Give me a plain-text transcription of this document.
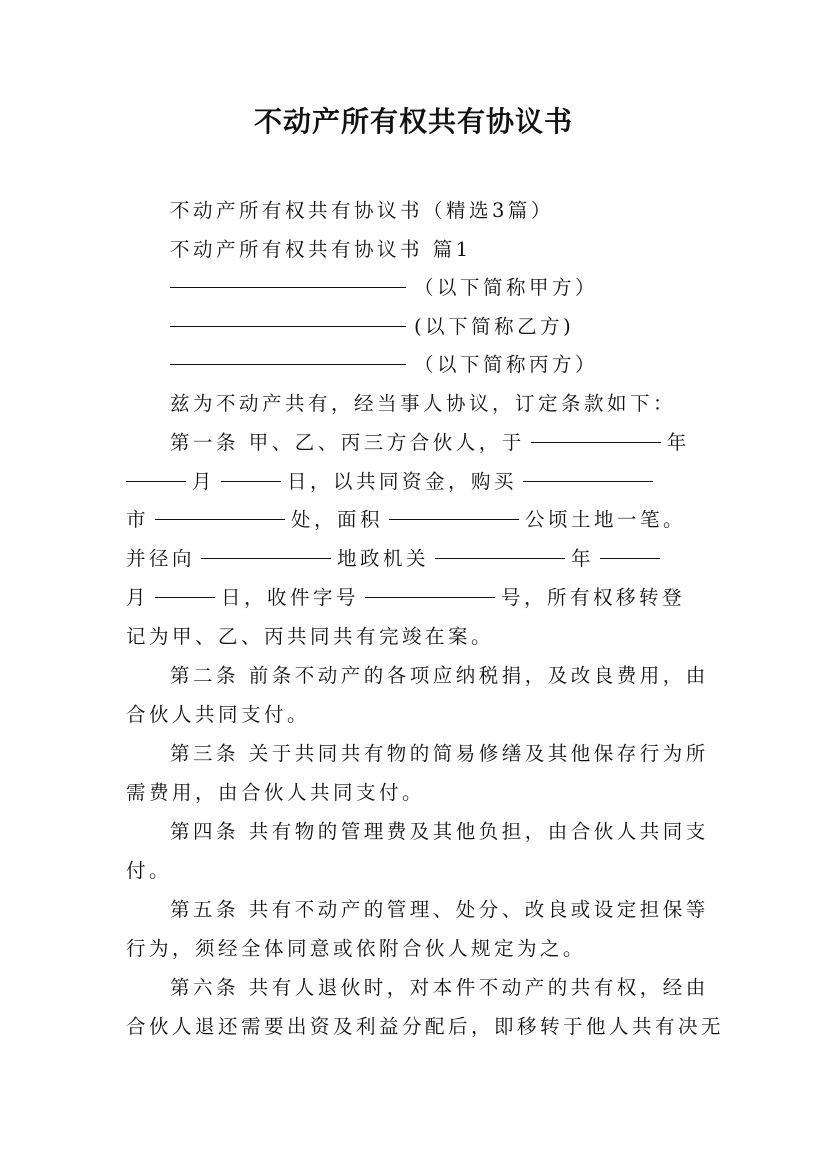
不动产所有权共有协议书
不动产所有权共有协议书（精选3篇）
不动产所有权共有协议书 篇1
（以下简称甲方）
(以下简称乙方)
（以下简称丙方）
兹为不动产共有，经当事人协议，订定条款如下：
第一条 甲、乙、丙三方合伙人，于	年
月	日，以共同资金，购买
市	处，面积	公顷土地一笔。
并径向	地政机关	年
月	日，收件字号	号，所有权移转登
记为甲、乙、丙共同共有完竣在案。
第二条 前条不动产的各项应纳税捐，及改良费用，由
合伙人共同支付。
第三条 关于共同共有物的简易修缮及其他保存行为所
需费用，由合伙人共同支付。
第四条 共有物的管理费及其他负担，由合伙人共同支
付。
第五条 共有不动产的管理、处分、改良或设定担保等
行为，须经全体同意或依附合伙人规定为之。
第六条 共有人退伙时，对本件不动产的共有权，经由
合伙人退还需要出资及利益分配后，即移转于他人共有决无
